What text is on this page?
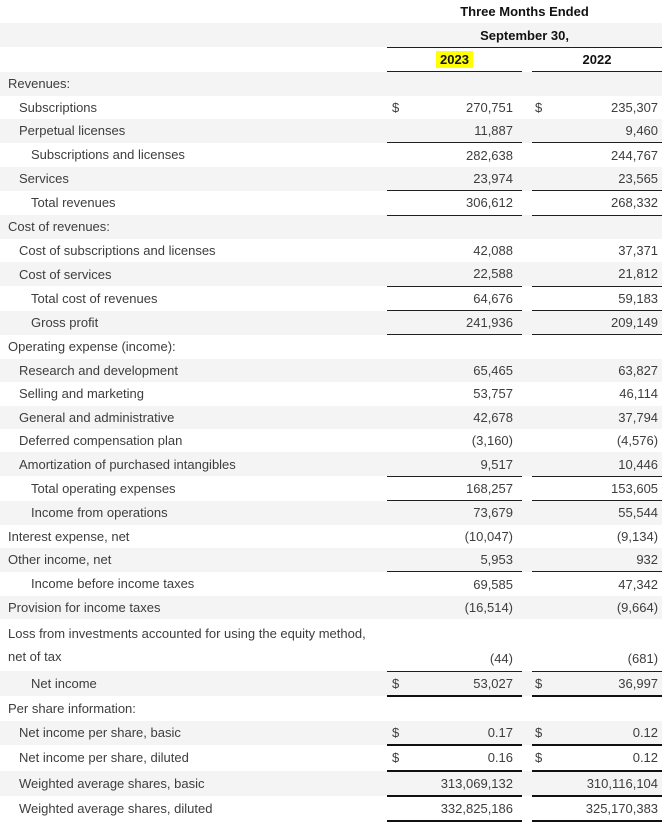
	Three Months Ended		
	September 30,		
	2023		2022
Revenues:			
Subscriptions	$ 270,751		$ 235,307
Perpetual licenses	11,887		9,460
Subscriptions and licenses	282,638		244,767
Services	23,974		23,565
Total revenues	306,612		268,332
Cost of revenues:			
Cost of subscriptions and licenses	42,088		37,371
Cost of services	22,588		21,812
Total cost of revenues	64,676		59,183
Gross profit	241,936		209,149
Operating expense (income):			
Research and development	65,465		63,827
Selling and marketing	53,757		46,114
General and administrative	42,678		37,794
Deferred compensation plan	(3,160)		(4,576)
Amortization of purchased intangibles	9,517		10,446
Total operating expenses	168,257		153,605
Income from operations	73,679		55,544
Interest expense, net	(10,047)		(9,134)
Other income, net	5,953		932
Income before income taxes	69,585		47,342
Provision for income taxes	(16,514)		(9,664)

Loss from investments accounted for using the equity method,
net of tax	(44)		(681)
Net income	$ 53,027		$ 36,997
Per share information:			
Net income per share, basic	$ 0.17		$ 0.12
Net income per share, diluted	$ 0.16		$ 0.12
Weighted average shares, basic	313,069,132		310,116,104
Weighted average shares, diluted	332,825,186		325,170,383
